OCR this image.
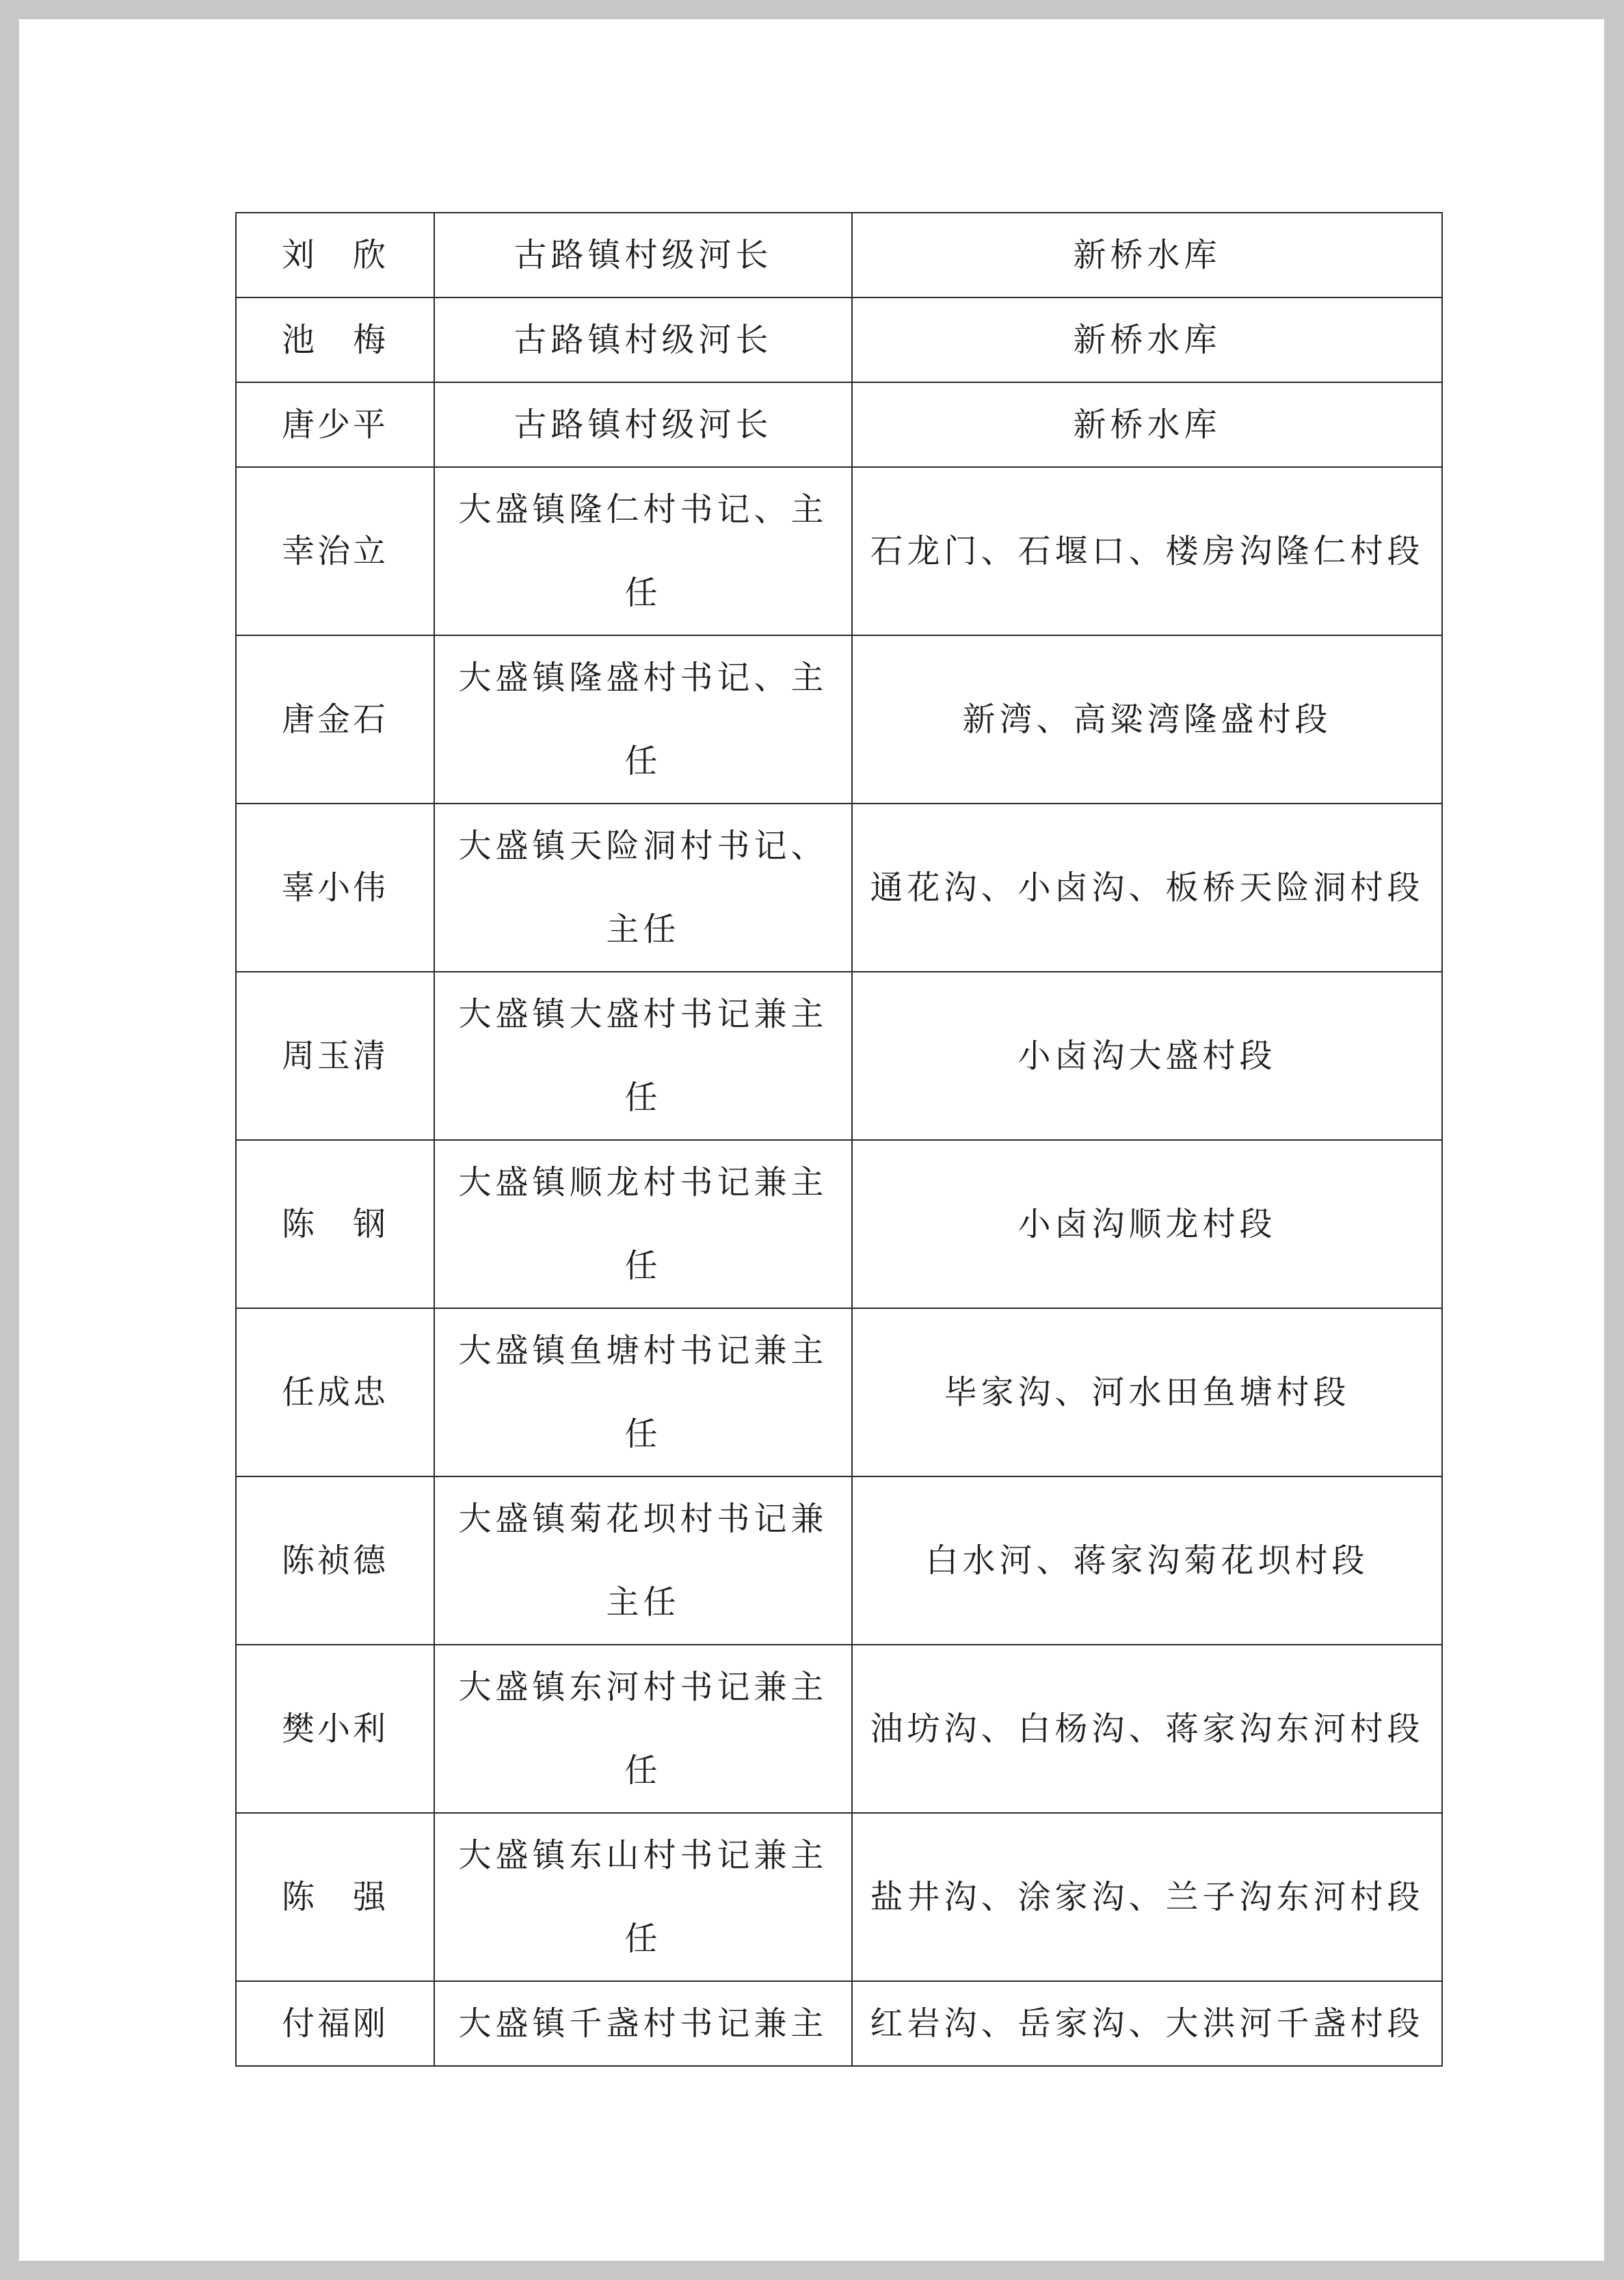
刘　欣	古路镇村级河长	新桥水库
池　梅	古路镇村级河长	新桥水库
唐少平	古路镇村级河长	新桥水库
幸治立	大盛镇隆仁村书记、主任	石龙门、石堰口、楼房沟隆仁村段
唐金石	大盛镇隆盛村书记、主任	新湾、高粱湾隆盛村段
辜小伟	大盛镇天险洞村书记、主任	通花沟、小卤沟、板桥天险洞村段
周玉清	大盛镇大盛村书记兼主任	小卤沟大盛村段
陈　钢	大盛镇顺龙村书记兼主任	小卤沟顺龙村段
任成忠	大盛镇鱼塘村书记兼主任	毕家沟、河水田鱼塘村段
陈祯德	大盛镇菊花坝村书记兼主任	白水河、蒋家沟菊花坝村段
樊小利	大盛镇东河村书记兼主任	油坊沟、白杨沟、蒋家沟东河村段
陈　强	大盛镇东山村书记兼主任	盐井沟、涂家沟、兰子沟东河村段
付福刚	大盛镇千盏村书记兼主	红岩沟、岳家沟、大洪河千盏村段
